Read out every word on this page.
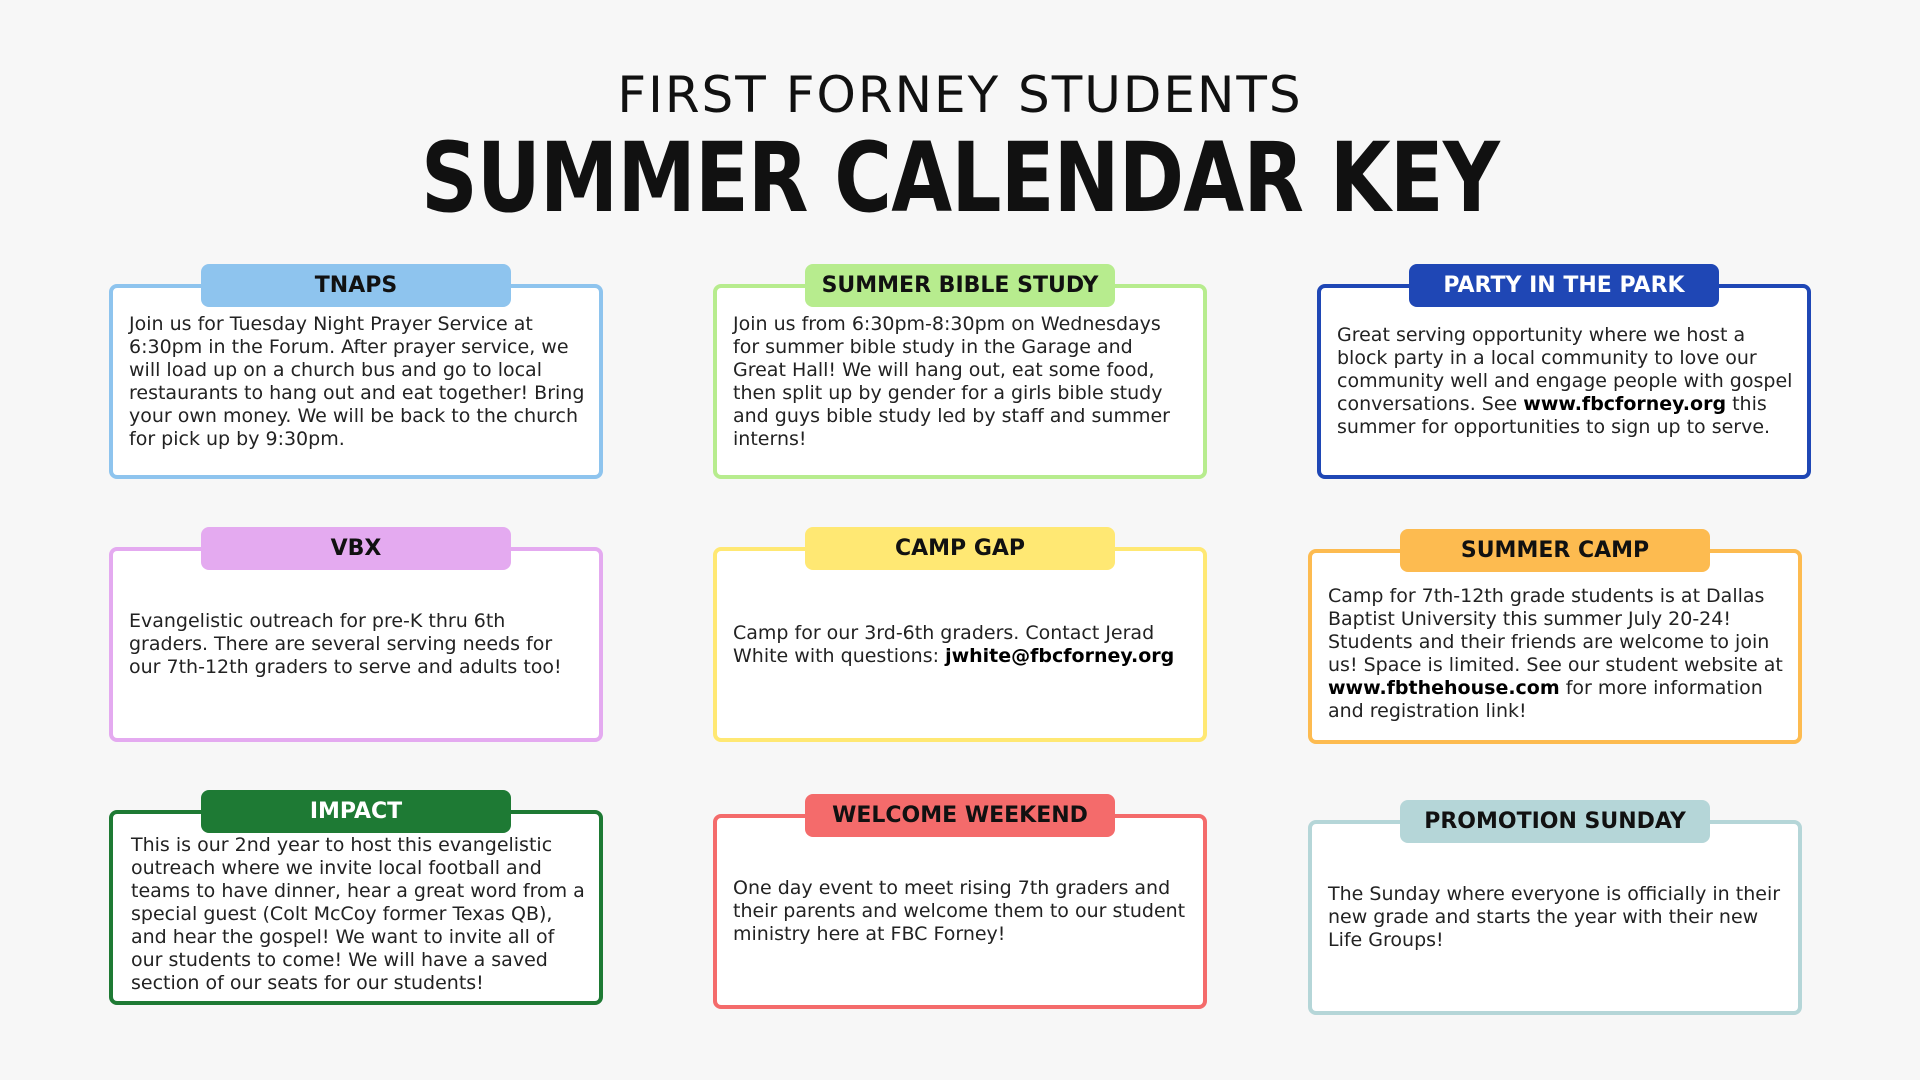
FIRST FORNEY STUDENTS
SUMMER CALENDAR KEY
TNAPS
Join us for Tuesday Night Prayer Service at 6:30pm in the Forum. After prayer service, we will load up on a church bus and go to local restaurants to hang out and eat together! Bring your own money. We will be back to the church for pick up by 9:30pm.
SUMMER BIBLE STUDY
Join us from 6:30pm-8:30pm on Wednesdays for summer bible study in the Garage and Great Hall! We will hang out, eat some food, then split up by gender for a girls bible study and guys bible study led by staff and summer interns!
PARTY IN THE PARK
Great serving opportunity where we host a block party in a local community to love our community well and engage people with gospel conversations. See www.fbcforney.org this summer for opportunities to sign up to serve.
VBX
Evangelistic outreach for pre-K thru 6th graders. There are several serving needs for our 7th-12th graders to serve and adults too!
CAMP GAP
Camp for our 3rd-6th graders. Contact Jerad White with questions: jwhite@fbcforney.org
SUMMER CAMP
Camp for 7th-12th grade students is at Dallas Baptist University this summer July 20-24! Students and their friends are welcome to join us! Space is limited. See our student website at www.fbthehouse.com for more information and registration link!
IMPACT
This is our 2nd year to host this evangelistic outreach where we invite local football and teams to have dinner, hear a great word from a special guest (Colt McCoy former Texas QB), and hear the gospel! We want to invite all of our students to come! We will have a saved section of our seats for our students!
WELCOME WEEKEND
One day event to meet rising 7th graders and their parents and welcome them to our student ministry here at FBC Forney!
PROMOTION SUNDAY
The Sunday where everyone is officially in their new grade and starts the year with their new Life Groups!
